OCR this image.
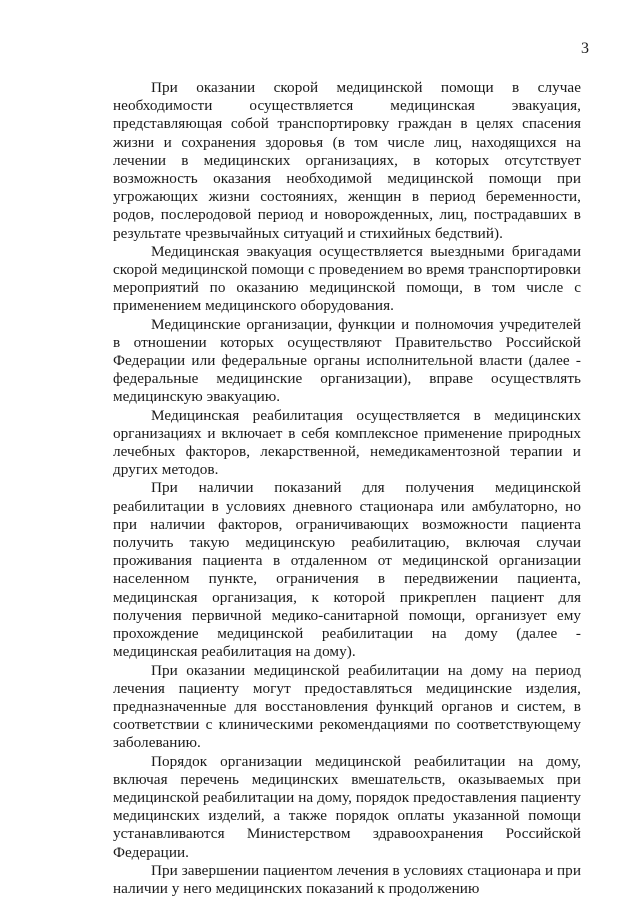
3

При оказании скорой медицинской помощи в случае необходимости осуществляется медицинская эвакуация, представляющая собой транспортировку граждан в целях спасения жизни и сохранения здоровья (в том числе лиц, находящихся на лечении в медицинских организациях, в которых отсутствует возможность оказания необходимой медицинской помощи при угрожающих жизни состояниях, женщин в период беременности, родов, послеродовой период и новорожденных, лиц, пострадавших в результате чрезвычайных ситуаций и стихийных бедствий).

Медицинская эвакуация осуществляется выездными бригадами скорой медицинской помощи с проведением во время транспортировки мероприятий по оказанию медицинской помощи, в том числе с применением медицинского оборудования.

Медицинские организации, функции и полномочия учредителей в отношении которых осуществляют Правительство Российской Федерации или федеральные органы исполнительной власти (далее - федеральные медицинские организации), вправе осуществлять медицинскую эвакуацию.

Медицинская реабилитация осуществляется в медицинских организациях и включает в себя комплексное применение природных лечебных факторов, лекарственной, немедикаментозной терапии и других методов.

При наличии показаний для получения медицинской реабилитации в условиях дневного стационара или амбулаторно, но при наличии факторов, ограничивающих возможности пациента получить такую медицинскую реабилитацию, включая случаи проживания пациента в отдаленном от медицинской организации населенном пункте, ограничения в передвижении пациента, медицинская организация, к которой прикреплен пациент для получения первичной медико-санитарной помощи, организует ему прохождение медицинской реабилитации на дому (далее - медицинская реабилитация на дому).

При оказании медицинской реабилитации на дому на период лечения пациенту могут предоставляться медицинские изделия, предназначенные для восстановления функций органов и систем, в соответствии с клиническими рекомендациями по соответствующему заболеванию.

Порядок организации медицинской реабилитации на дому, включая перечень медицинских вмешательств, оказываемых при медицинской реабилитации на дому, порядок предоставления пациенту медицинских изделий, а также порядок оплаты указанной помощи устанавливаются Министерством здравоохранения Российской Федерации.

При завершении пациентом лечения в условиях стационара и при наличии у него медицинских показаний к продолжению
